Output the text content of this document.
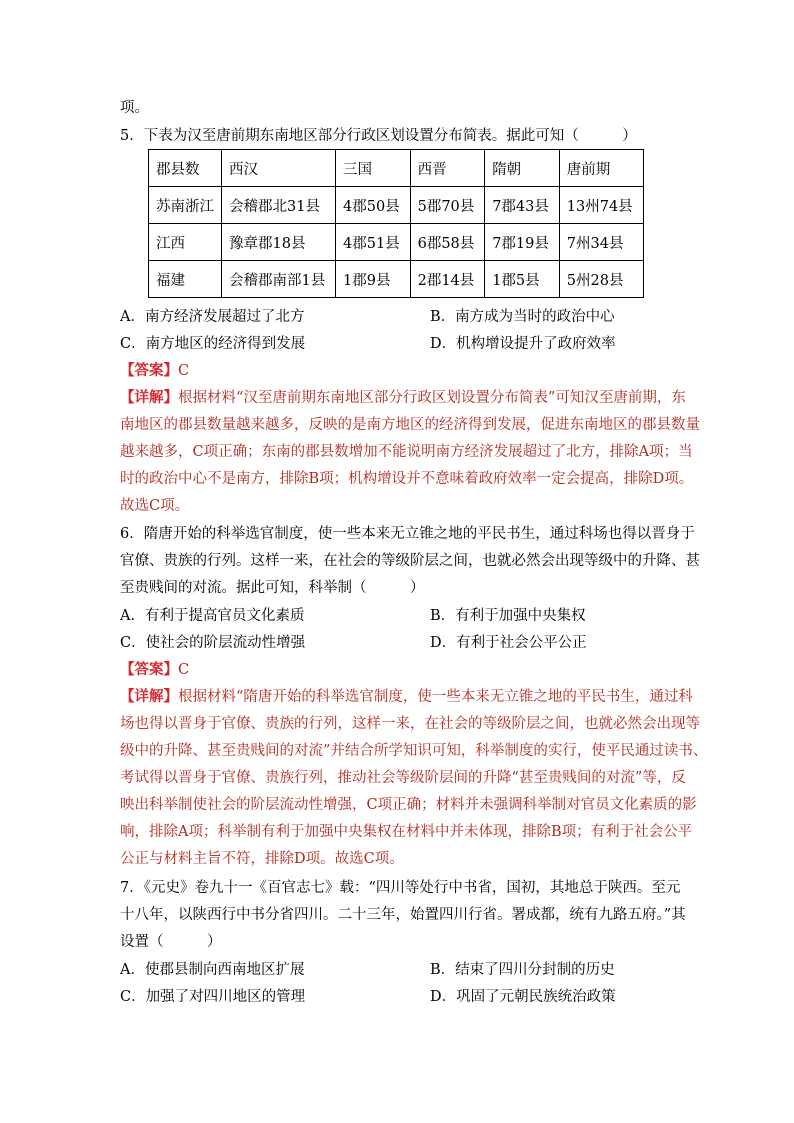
项。
5．下表为汉至唐前期东南地区部分行政区划设置分布简表。据此可知（　　　）
郡县数	西汉	三国	西晋	隋朝	唐前期
苏南浙江	会稽郡北31县	4郡50县	5郡70县	7郡43县	13州74县
江西	豫章郡18县	4郡51县	6郡58县	7郡19县	7州34县
福建	会稽郡南部1县	1郡9县	2郡14县	1郡5县	5州28县
A．南方经济发展超过了北方	B．南方成为当时的政治中心
C．南方地区的经济得到发展	D．机构增设提升了政府效率
【答案】C
【详解】根据材料“汉至唐前期东南地区部分行政区划设置分布简表”可知汉至唐前期，东
南地区的郡县数量越来越多，反映的是南方地区的经济得到发展，促进东南地区的郡县数量
越来越多，C项正确；东南的郡县数增加不能说明南方经济发展超过了北方，排除A项；当
时的政治中心不是南方，排除B项；机构增设并不意味着政府效率一定会提高，排除D项。
故选C项。
6．隋唐开始的科举选官制度，使一些本来无立锥之地的平民书生，通过科场也得以晋身于
官僚、贵族的行列。这样一来，在社会的等级阶层之间，也就必然会出现等级中的升降、甚
至贵贱间的对流。据此可知，科举制（　　　）
A．有利于提高官员文化素质	B．有利于加强中央集权
C．使社会的阶层流动性增强	D．有利于社会公平公正
【答案】C
【详解】根据材料“隋唐开始的科举选官制度，使一些本来无立锥之地的平民书生，通过科
场也得以晋身于官僚、贵族的行列，这样一来，在社会的等级阶层之间，也就必然会出现等
级中的升降、甚至贵贱间的对流”并结合所学知识可知，科举制度的实行，使平民通过读书、
考试得以晋身于官僚、贵族行列，推动社会等级阶层间的升降“甚至贵贱间的对流”等，反
映出科举制使社会的阶层流动性增强，C项正确；材料并未强调科举制对官员文化素质的影
响，排除A项；科举制有利于加强中央集权在材料中并未体现，排除B项；有利于社会公平
公正与材料主旨不符，排除D项。故选C项。
7．《元史》卷九十一《百官志七》载：“四川等处行中书省，国初，其地总于陕西。至元
十八年，以陕西行中书分省四川。二十三年，始置四川行省。署成都，统有九路五府。”其
设置（　　　）
A．使郡县制向西南地区扩展	B．结束了四川分封制的历史
C．加强了对四川地区的管理	D．巩固了元朝民族统治政策
